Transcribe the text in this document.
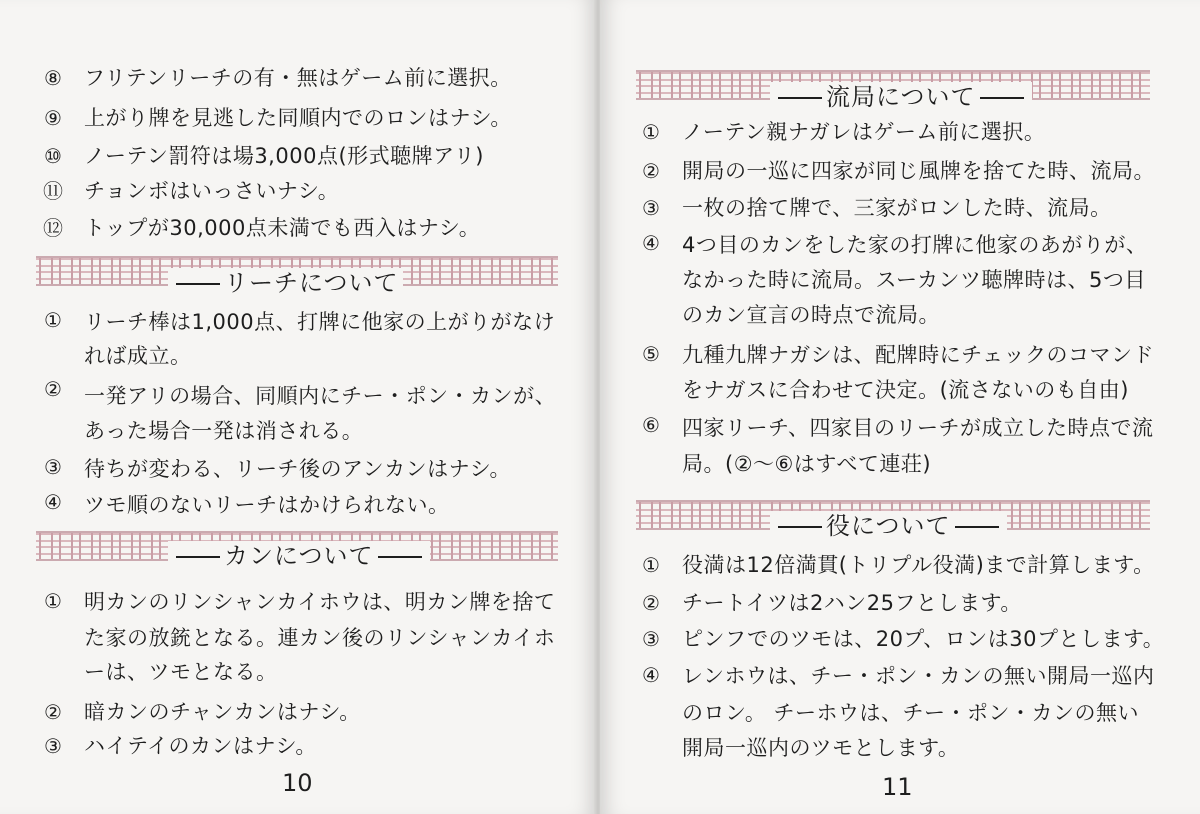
⑧ フリテンリーチの有・無はゲーム前に選択。
⑨ 上がり牌を見逃した同順内でのロンはナシ。
⑩ ノーテン罰符は場3,000点(形式聴牌アリ)
⑪ チョンボはいっさいナシ。
⑫ トップが30,000点未満でも西入はナシ。
リーチについて
① リーチ棒は1,000点、打牌に他家の上がりがなけ
れば成立。
② 一発アリの場合、同順内にチー・ポン・カンが、
あった場合一発は消される。
③ 待ちが変わる、リーチ後のアンカンはナシ。
④ ツモ順のないリーチはかけられない。
カンについて
① 明カンのリンシャンカイホウは、明カン牌を捨て
た家の放銃となる。連カン後のリンシャンカイホ
ーは、ツモとなる。
② 暗カンのチャンカンはナシ。
③ ハイテイのカンはナシ。
10
流局について
① ノーテン親ナガレはゲーム前に選択。
② 開局の一巡に四家が同じ風牌を捨てた時、流局。
③ 一枚の捨て牌で、三家がロンした時、流局。
④ 4つ目のカンをした家の打牌に他家のあがりが、
なかった時に流局。スーカンツ聴牌時は、5つ目
のカン宣言の時点で流局。
⑤ 九種九牌ナガシは、配牌時にチェックのコマンド
をナガスに合わせて決定。(流さないのも自由)
⑥ 四家リーチ、四家目のリーチが成立した時点で流
局。(②〜⑥はすべて連荘)
役について
① 役満は12倍満貫(トリプル役満)まで計算します。
② チートイツは2ハン25フとします。
③ ピンフでのツモは、20プ、ロンは30プとします。
④ レンホウは、チー・ポン・カンの無い開局一巡内
のロン。 チーホウは、チー・ポン・カンの無い
開局一巡内のツモとします。
11
